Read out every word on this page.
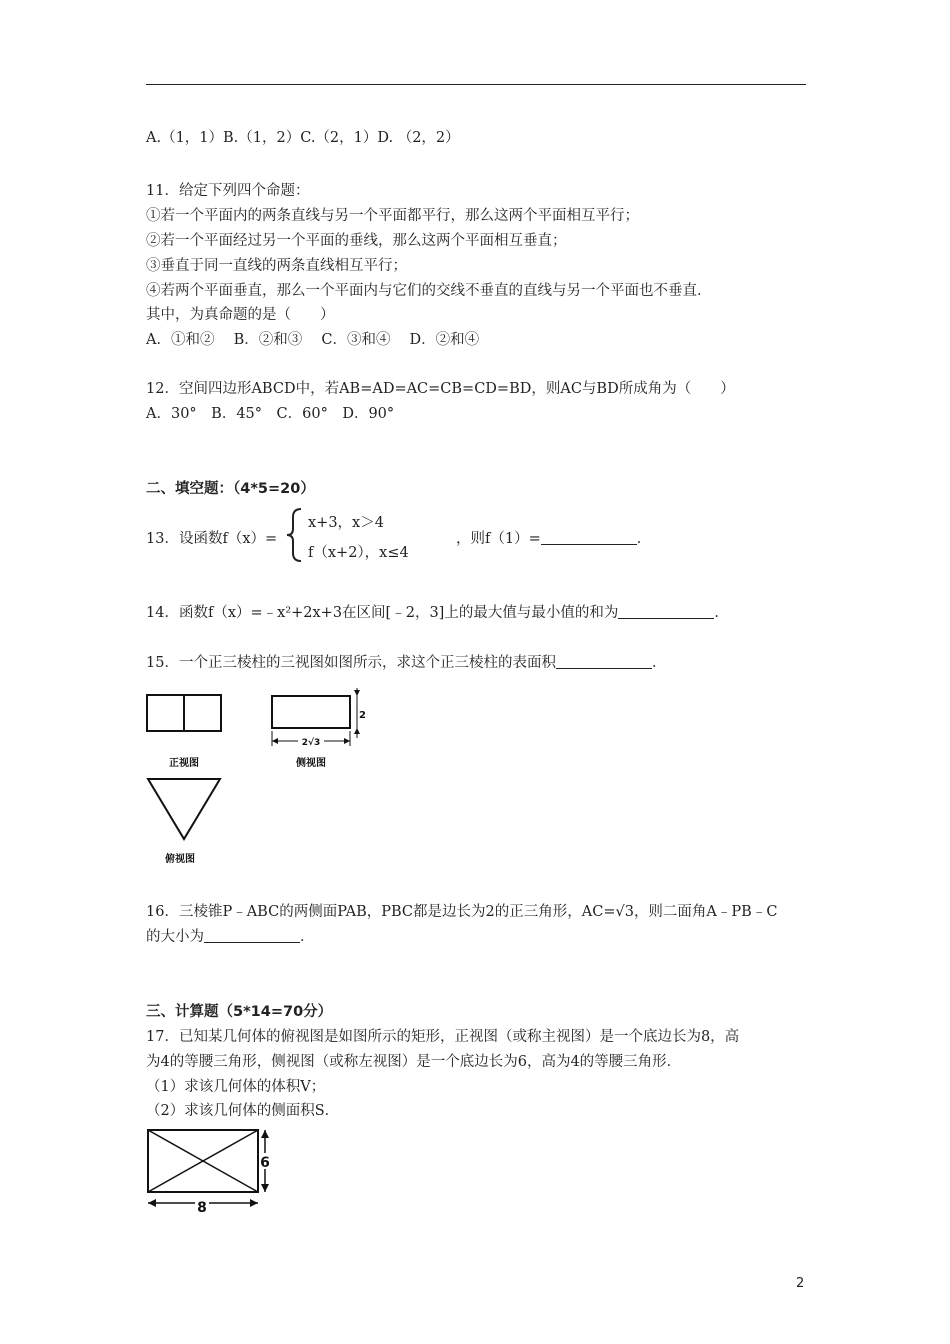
A.（1，1）B.（1，2）C.（2，1）D. （2，2）
11．给定下列四个命题：
①若一个平面内的两条直线与另一个平面都平行，那么这两个平面相互平行；
②若一个平面经过另一个平面的垂线，那么这两个平面相互垂直；
③垂直于同一直线的两条直线相互平行；
④若两个平面垂直，那么一个平面内与它们的交线不垂直的直线与另一个平面也不垂直．
其中，为真命题的是（　　）
A．①和②　 B．②和③　 C．③和④　 D．②和④
12．空间四边形ABCD中，若AB=AD=AC=CB=CD=BD，则AC与BD所成角为（　　）
A．30°　B．45°　C．60°　D．90°
二、填空题：（4*5=20）
13．设函数f（x）=
x+3，x＞4
f（x+2），x≤4
，则f（1）=	．
14．函数f（x）=﹣x²+2x+3在区间[﹣2，3]上的最大值与最小值的和为	．
15．一个正三棱柱的三视图如图所示，求这个正三棱柱的表面积	．
正视图
2
2√3
侧视图
俯视图
16．三棱锥P﹣ABC的两侧面PAB，PBC都是边长为2的正三角形，AC=√3，则二面角A﹣PB﹣C
的大小为	．
三、计算题（5*14=70分）
17．已知某几何体的俯视图是如图所示的矩形，正视图（或称主视图）是一个底边长为8，高
为4的等腰三角形，侧视图（或称左视图）是一个底边长为6，高为4的等腰三角形．
（1）求该几何体的体积V；
（2）求该几何体的侧面积S．
6
8
2
